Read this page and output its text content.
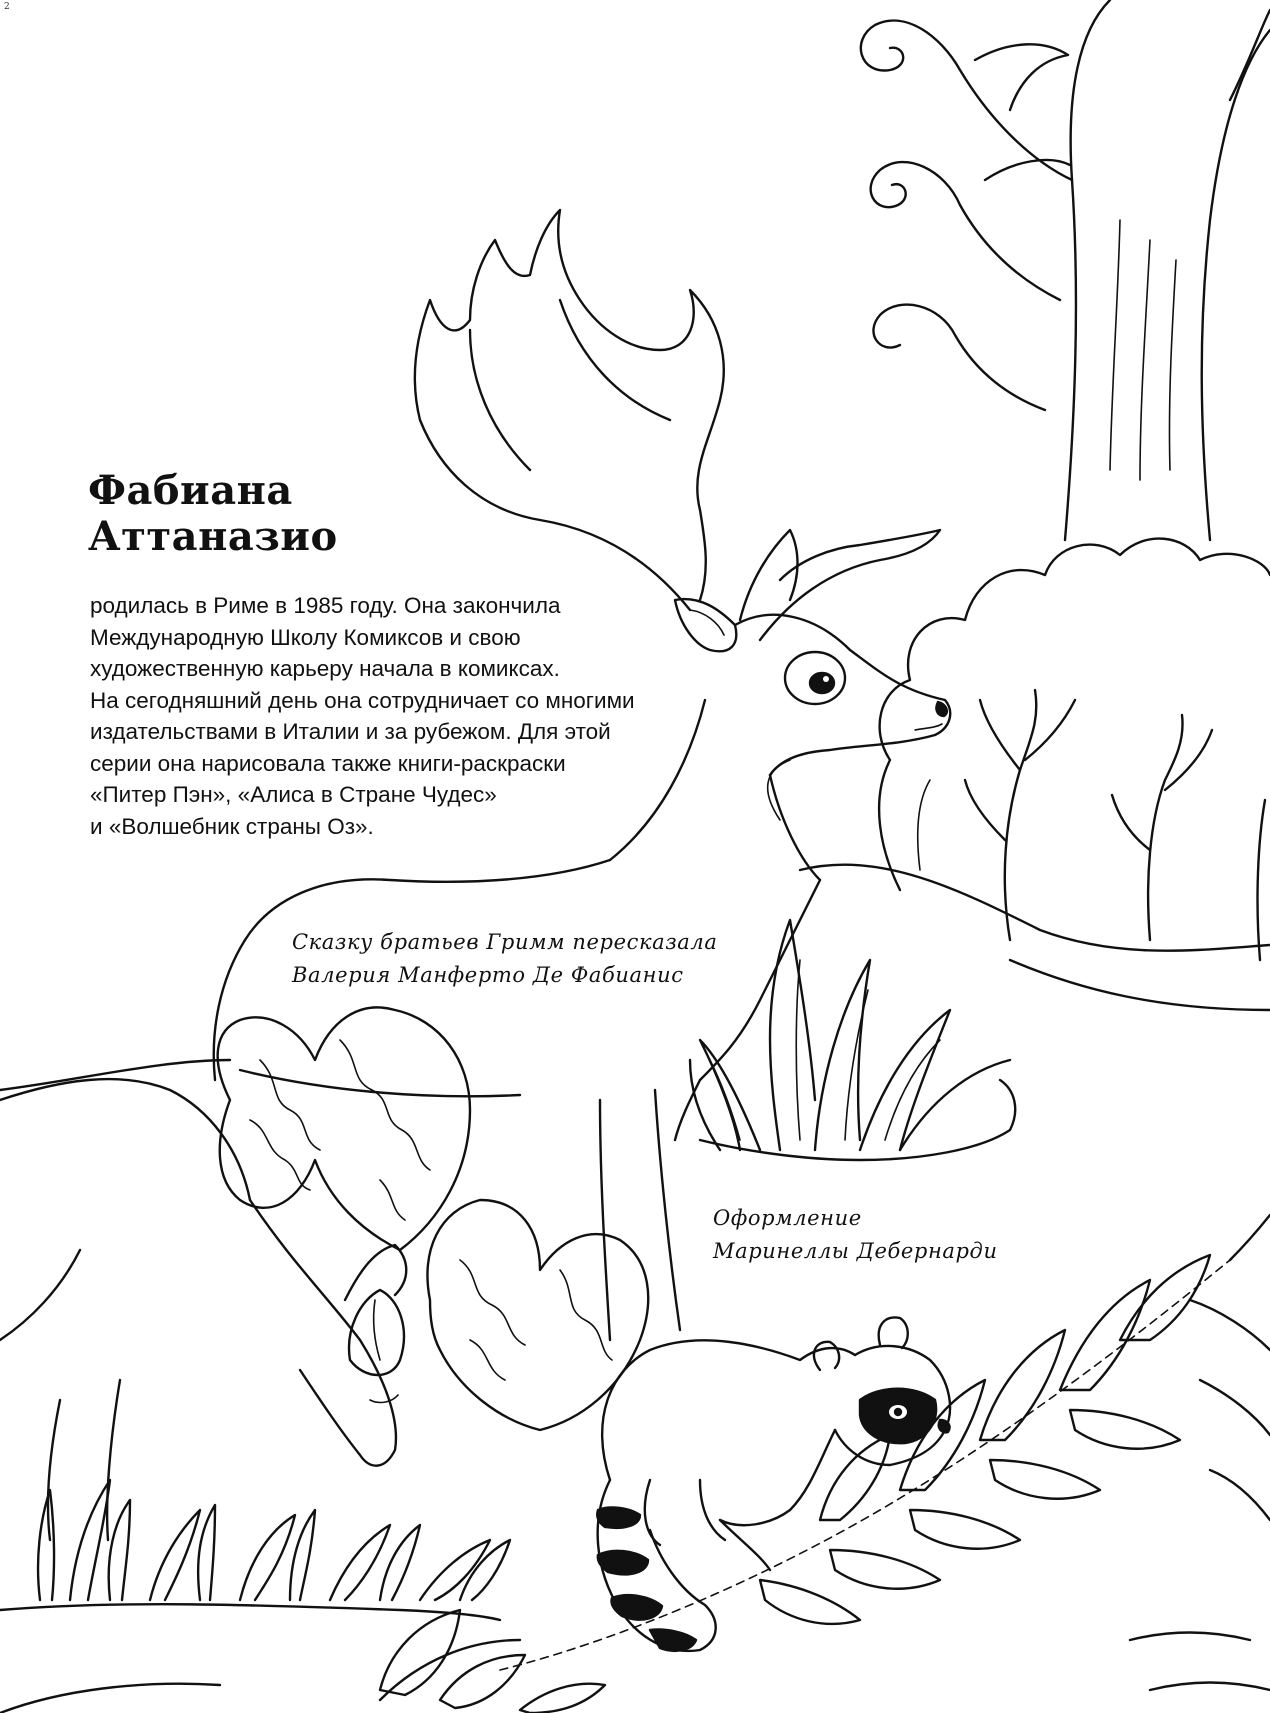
2
Фабиана
Аттаназио
родилась в Риме в 1985 году. Она закончила
Международную Школу Комиксов и свою
художественную карьеру начала в комиксах.
На сегодняшний день она сотрудничает со многими
издательствами в Италии и за рубежом. Для этой
серии она нарисовала также книги-раскраски
«Питер Пэн», «Алиса в Стране Чудес»
и «Волшебник страны Оз».
Сказку братьев Гримм пересказала
Валерия Манферто Де Фабианис
Оформление
Маринеллы Дебернарди
